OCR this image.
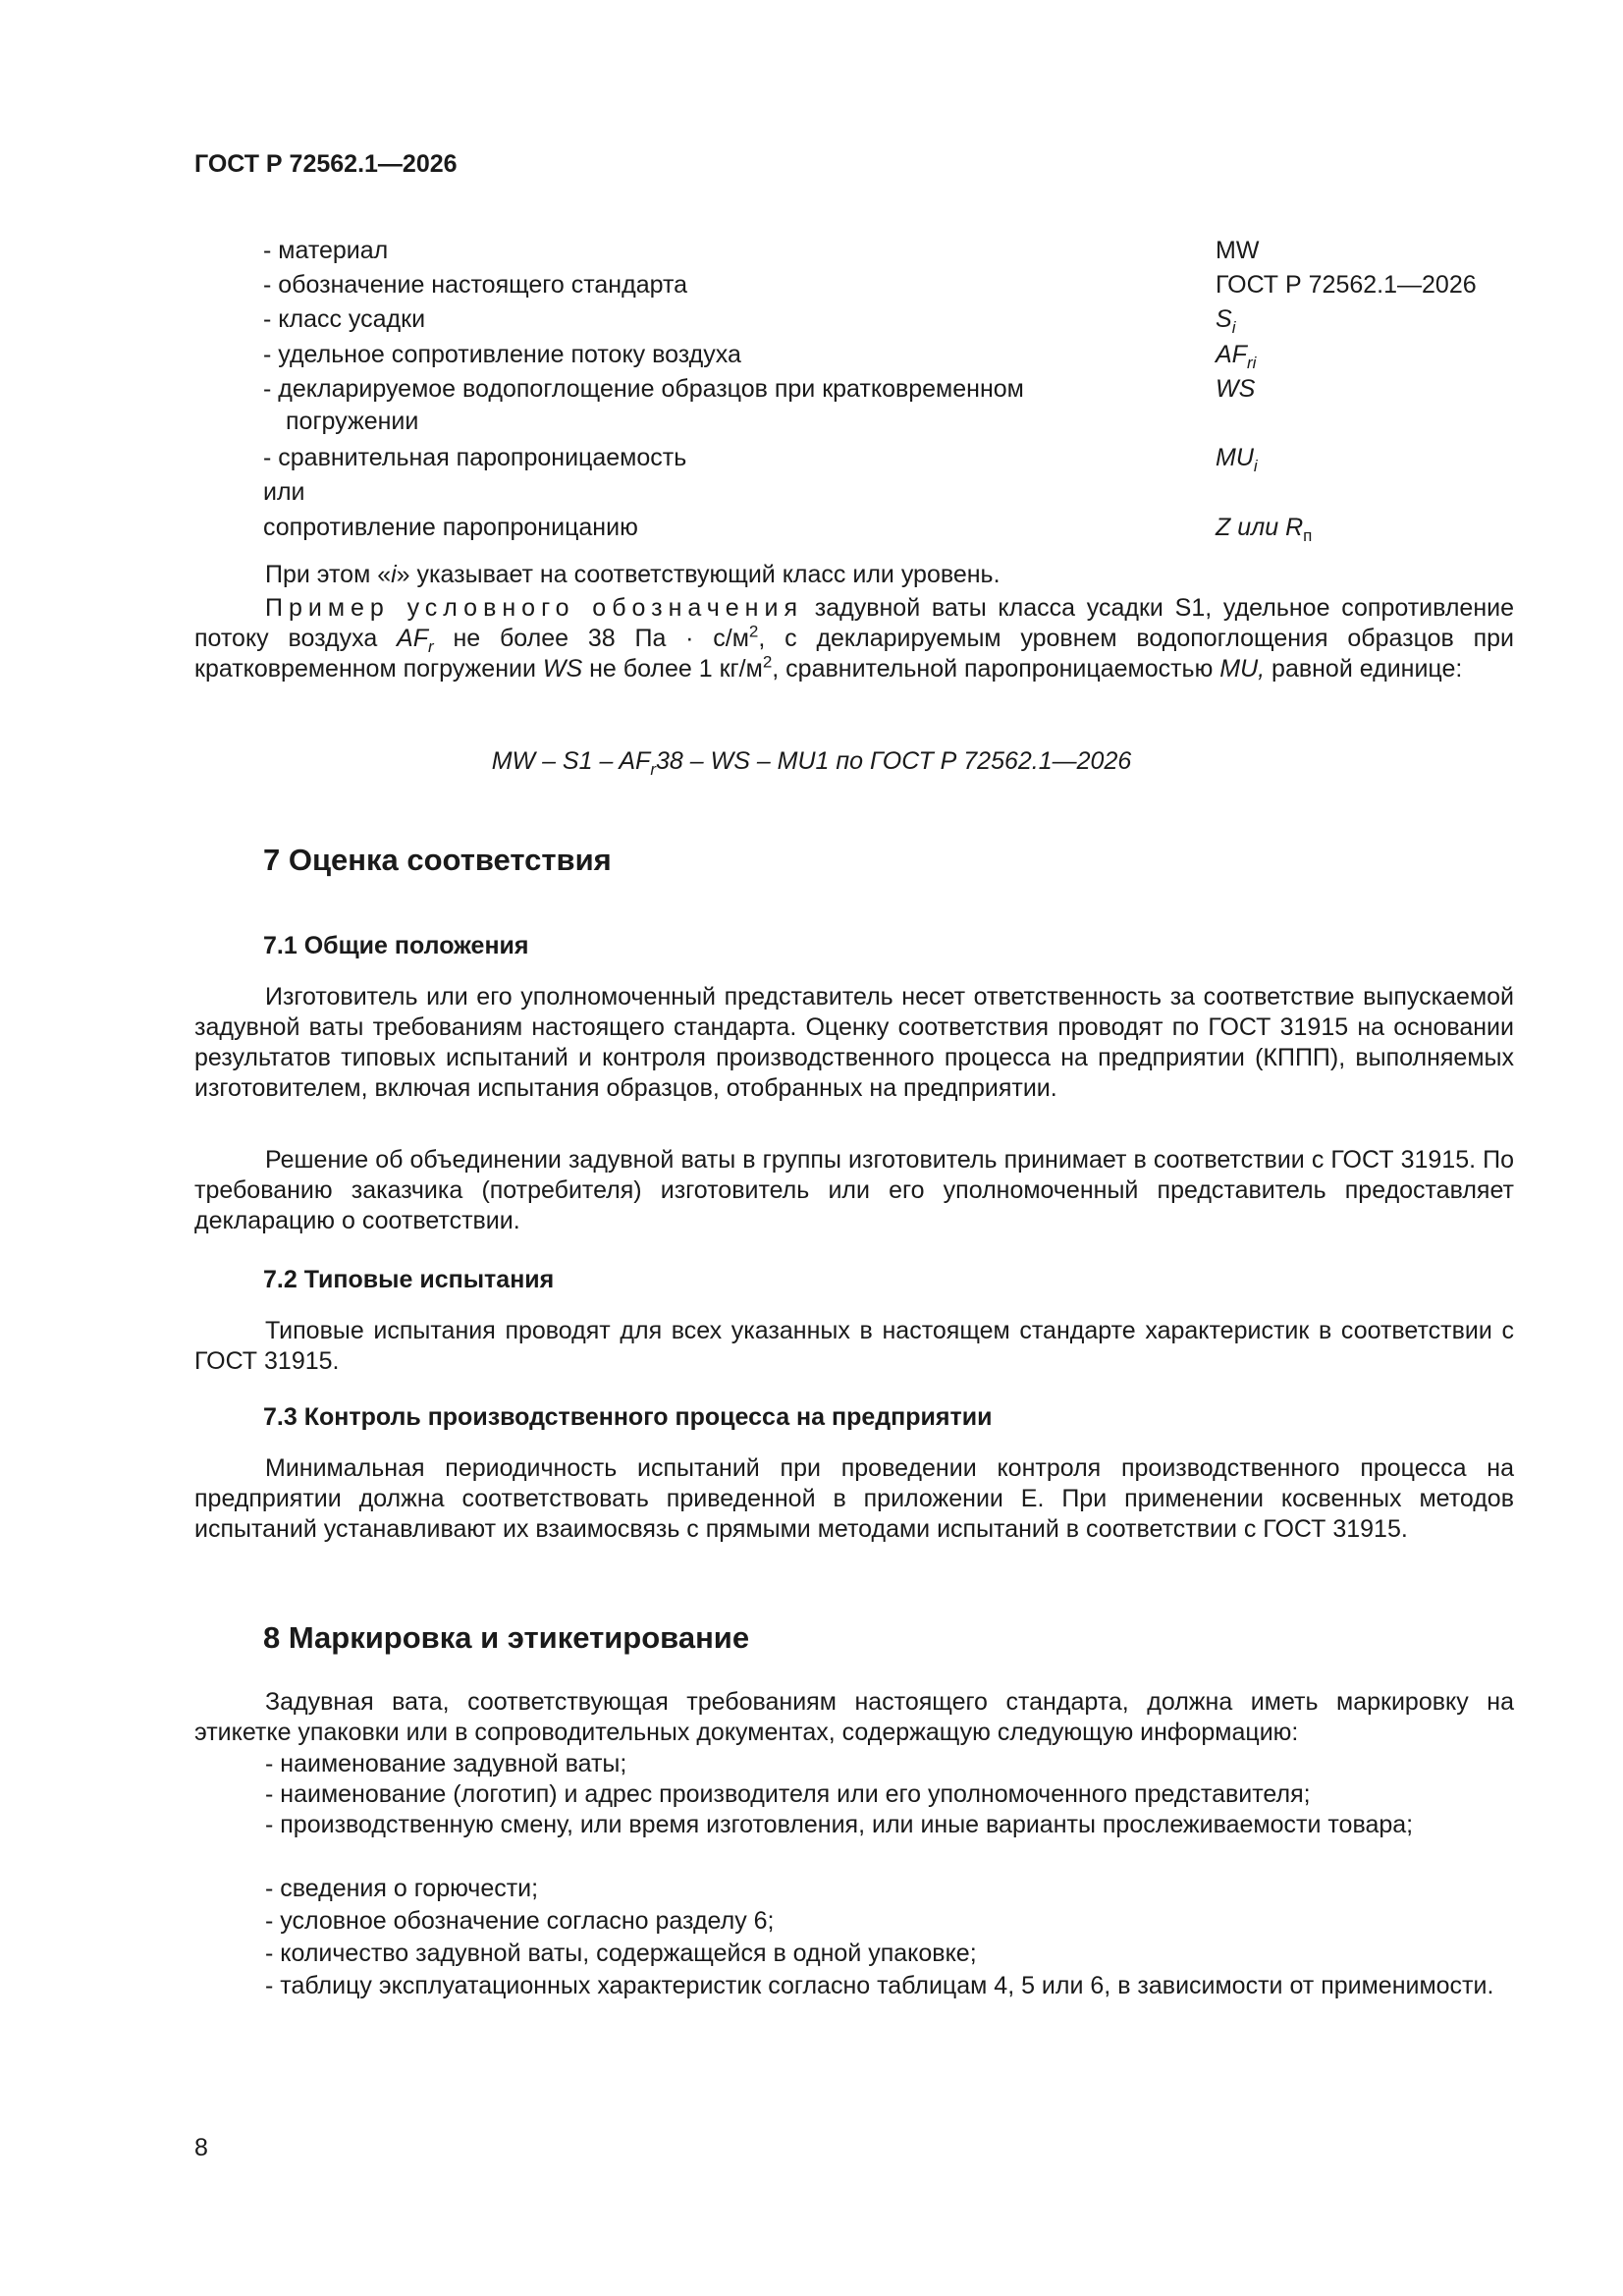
ГОСТ Р 72562.1—2026
- материал	MW
- обозначение настоящего стандарта	ГОСТ Р 72562.1—2026
- класс усадки	$S_i$
- удельное сопротивление потоку воздуха	$AF_{ri}$
- декларируемое водопоглощение образцов при кратковременном	WS
погружении
- сравнительная паропроницаемость	$MU_i$
или
сопротивление паропроницанию	Z или $R_п$
При этом «i» указывает на соответствующий класс или уровень.
Пример условного обозначения задувной ваты класса усадки S1, удельное сопротивление потоку воздуха $AF_r$ не более 38 Па · $с/м^2$, с декларируемым уровнем водопоглощения образцов при кратковременном погружении WS не более 1 $кг/м^2$, сравнительной паропроницаемостью MU, равной единице:
MW – $S1 - AF_r38$ – WS – MU1 по ГОСТ Р 72562.1—2026
7 Оценка соответствия
7.1 Общие положения
Изготовитель или его уполномоченный представитель несет ответственность за соответствие выпускаемой задувной ваты требованиям настоящего стандарта. Оценку соответствия проводят по ГОСТ 31915 на основании результатов типовых испытаний и контроля производственного процесса на предприятии (КППП), выполняемых изготовителем, включая испытания образцов, отобранных на предприятии.
Решение об объединении задувной ваты в группы изготовитель принимает в соответствии с ГОСТ 31915. По требованию заказчика (потребителя) изготовитель или его уполномоченный представитель предоставляет декларацию о соответствии.
7.2 Типовые испытания
Типовые испытания проводят для всех указанных в настоящем стандарте характеристик в соответствии с ГОСТ 31915.
7.3 Контроль производственного процесса на предприятии
Минимальная периодичность испытаний при проведении контроля производственного процесса на предприятии должна соответствовать приведенной в приложении Е. При применении косвенных методов испытаний устанавливают их взаимосвязь с прямыми методами испытаний в соответствии с ГОСТ 31915.
8 Маркировка и этикетирование
Задувная вата, соответствующая требованиям настоящего стандарта, должна иметь маркировку на этикетке упаковки или в сопроводительных документах, содержащую следующую информацию:
- наименование задувной ваты;
- наименование (логотип) и адрес производителя или его уполномоченного представителя;
- производственную смену, или время изготовления, или иные варианты прослеживаемости товара;
- сведения о горючести;
- условное обозначение согласно разделу 6;
- количество задувной ваты, содержащейся в одной упаковке;
- таблицу эксплуатационных характеристик согласно таблицам 4, 5 или 6, в зависимости от применимости.
8
